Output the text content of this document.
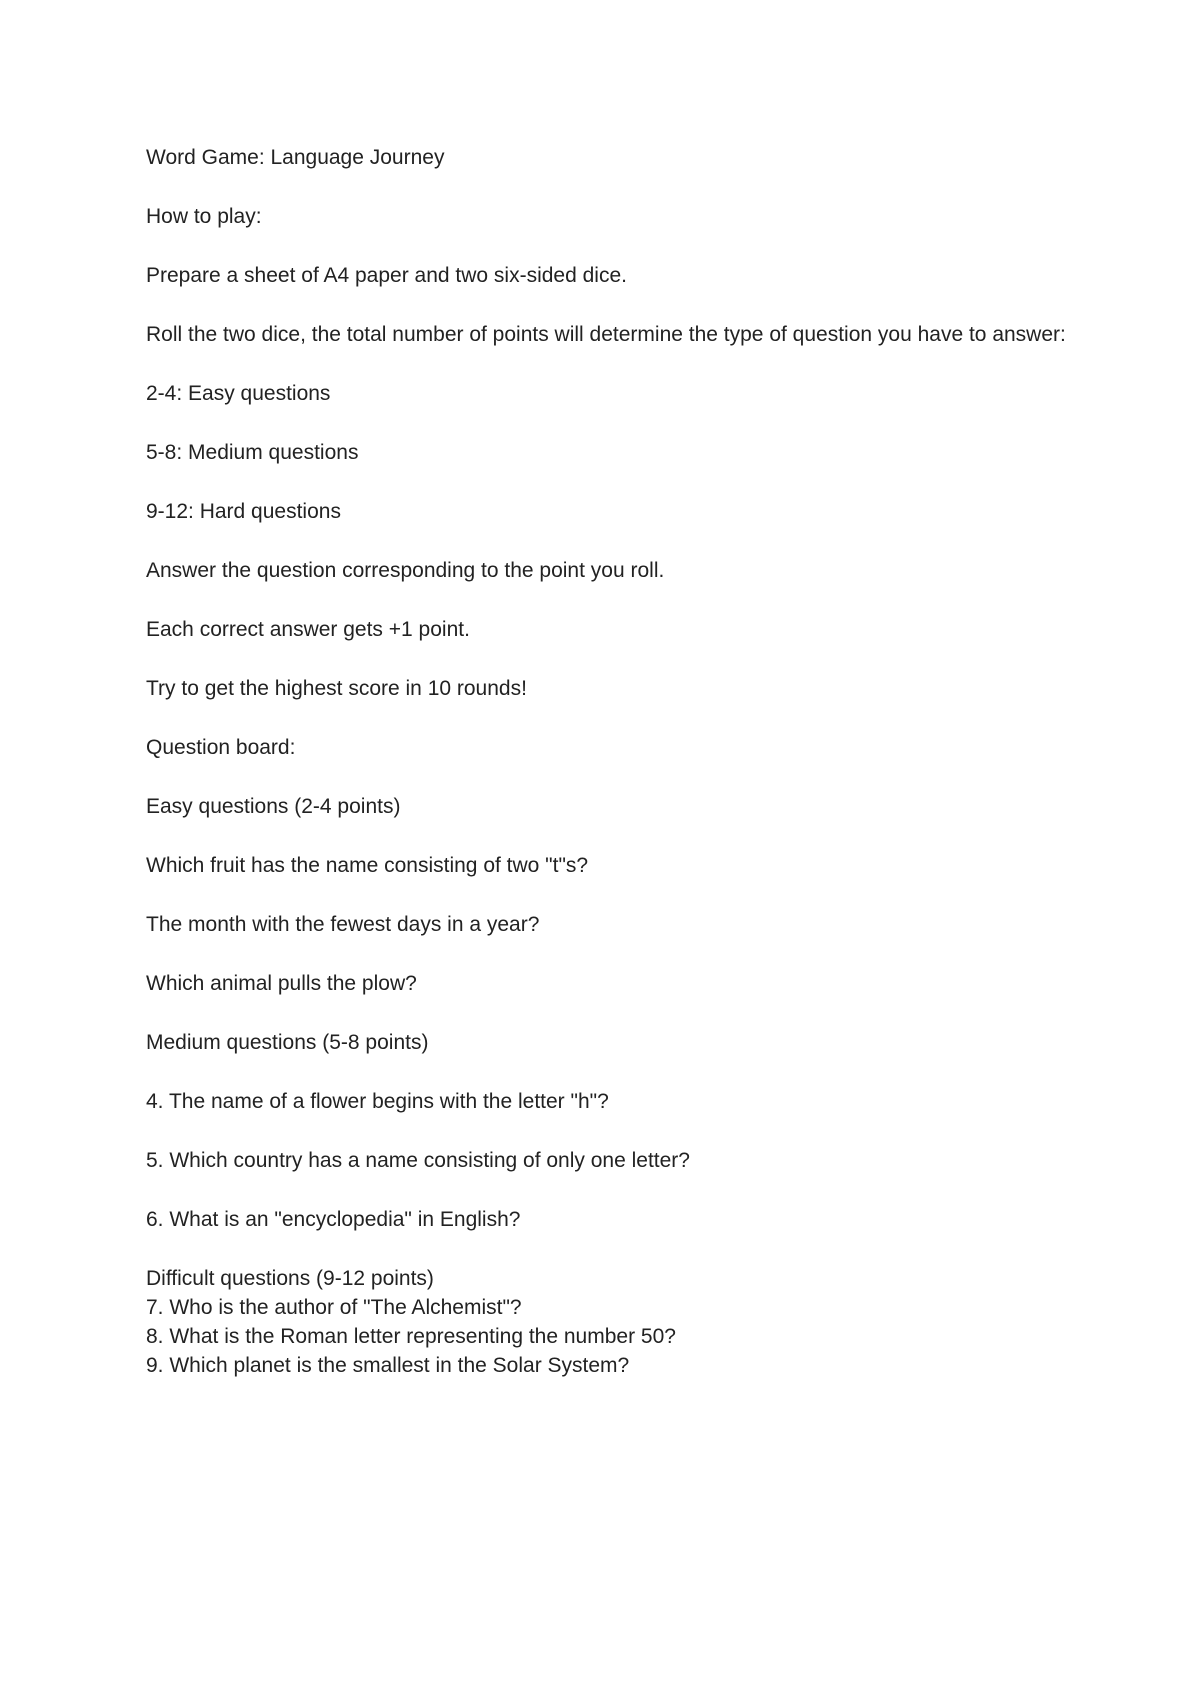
Word Game: Language Journey

How to play:

Prepare a sheet of A4 paper and two six-sided dice.

Roll the two dice, the total number of points will determine the type of question you have to answer:

2-4: Easy questions

5-8: Medium questions

9-12: Hard questions

Answer the question corresponding to the point you roll.

Each correct answer gets +1 point.

Try to get the highest score in 10 rounds!

Question board:

Easy questions (2-4 points)

Which fruit has the name consisting of two "t"s?

The month with the fewest days in a year?

Which animal pulls the plow?

Medium questions (5-8 points)

4. The name of a flower begins with the letter "h"?

5. Which country has a name consisting of only one letter?

6. What is an "encyclopedia" in English?

Difficult questions (9-12 points)

7. Who is the author of "The Alchemist"?

8. What is the Roman letter representing the number 50?

9. Which planet is the smallest in the Solar System?
